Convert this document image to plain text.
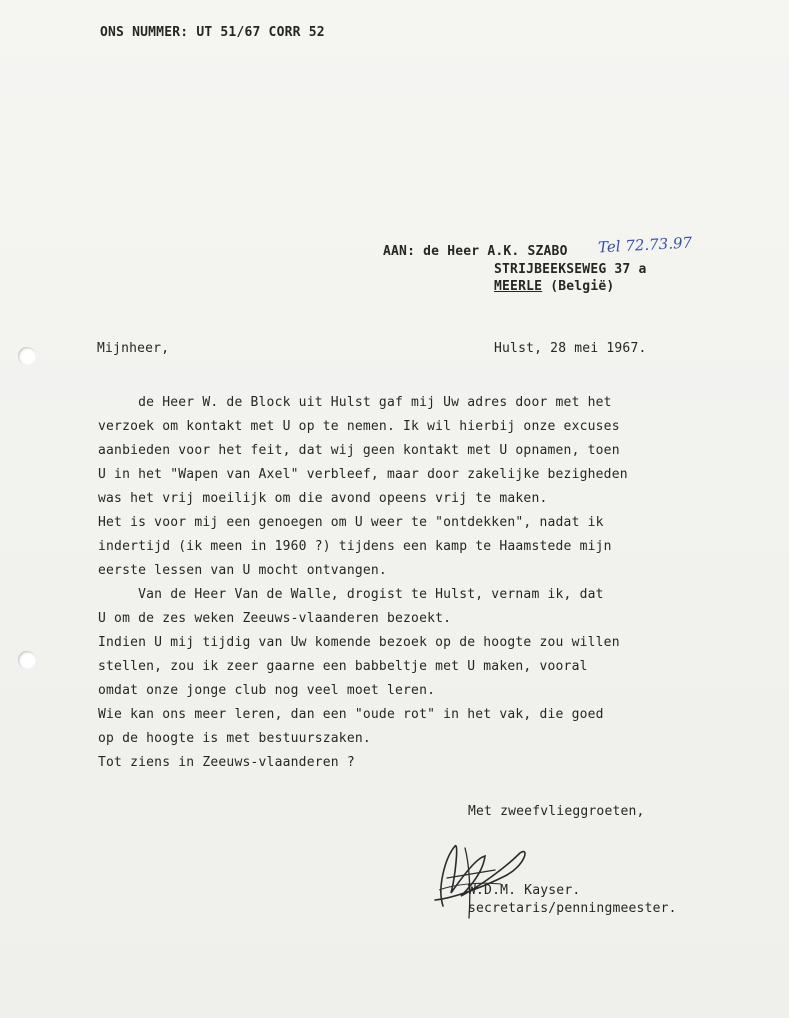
ONS NUMMER: UT 51/67 CORR 52
AAN: de Heer A.K. SZABO Tel 72.73.97
STRIJBEEKSEWEG 37 a
MEERLE (België)
Mijnheer,	Hulst, 28 mei 1967.
de Heer W. de Block uit Hulst gaf mij Uw adres door met het
verzoek om kontakt met U op te nemen. Ik wil hierbij onze excuses
aanbieden voor het feit, dat wij geen kontakt met U opnamen, toen
U in het "Wapen van Axel" verbleef, maar door zakelijke bezigheden
was het vrij moeilijk om die avond opeens vrij te maken.
Het is voor mij een genoegen om U weer te "ontdekken", nadat ik
indertijd (ik meen in 1960 ?) tijdens een kamp te Haamstede mijn
eerste lessen van U mocht ontvangen.
Van de Heer Van de Walle, drogist te Hulst, vernam ik, dat
U om de zes weken Zeeuws-vlaanderen bezoekt.
Indien U mij tijdig van Uw komende bezoek op de hoogte zou willen
stellen, zou ik zeer gaarne een babbeltje met U maken, vooral
omdat onze jonge club nog veel moet leren.
Wie kan ons meer leren, dan een "oude rot" in het vak, die goed
op de hoogte is met bestuurszaken.
Tot ziens in Zeeuws-vlaanderen ?
Met zweefvlieggroeten,
W.D.M. Kayser.
secretaris/penningmeester.
